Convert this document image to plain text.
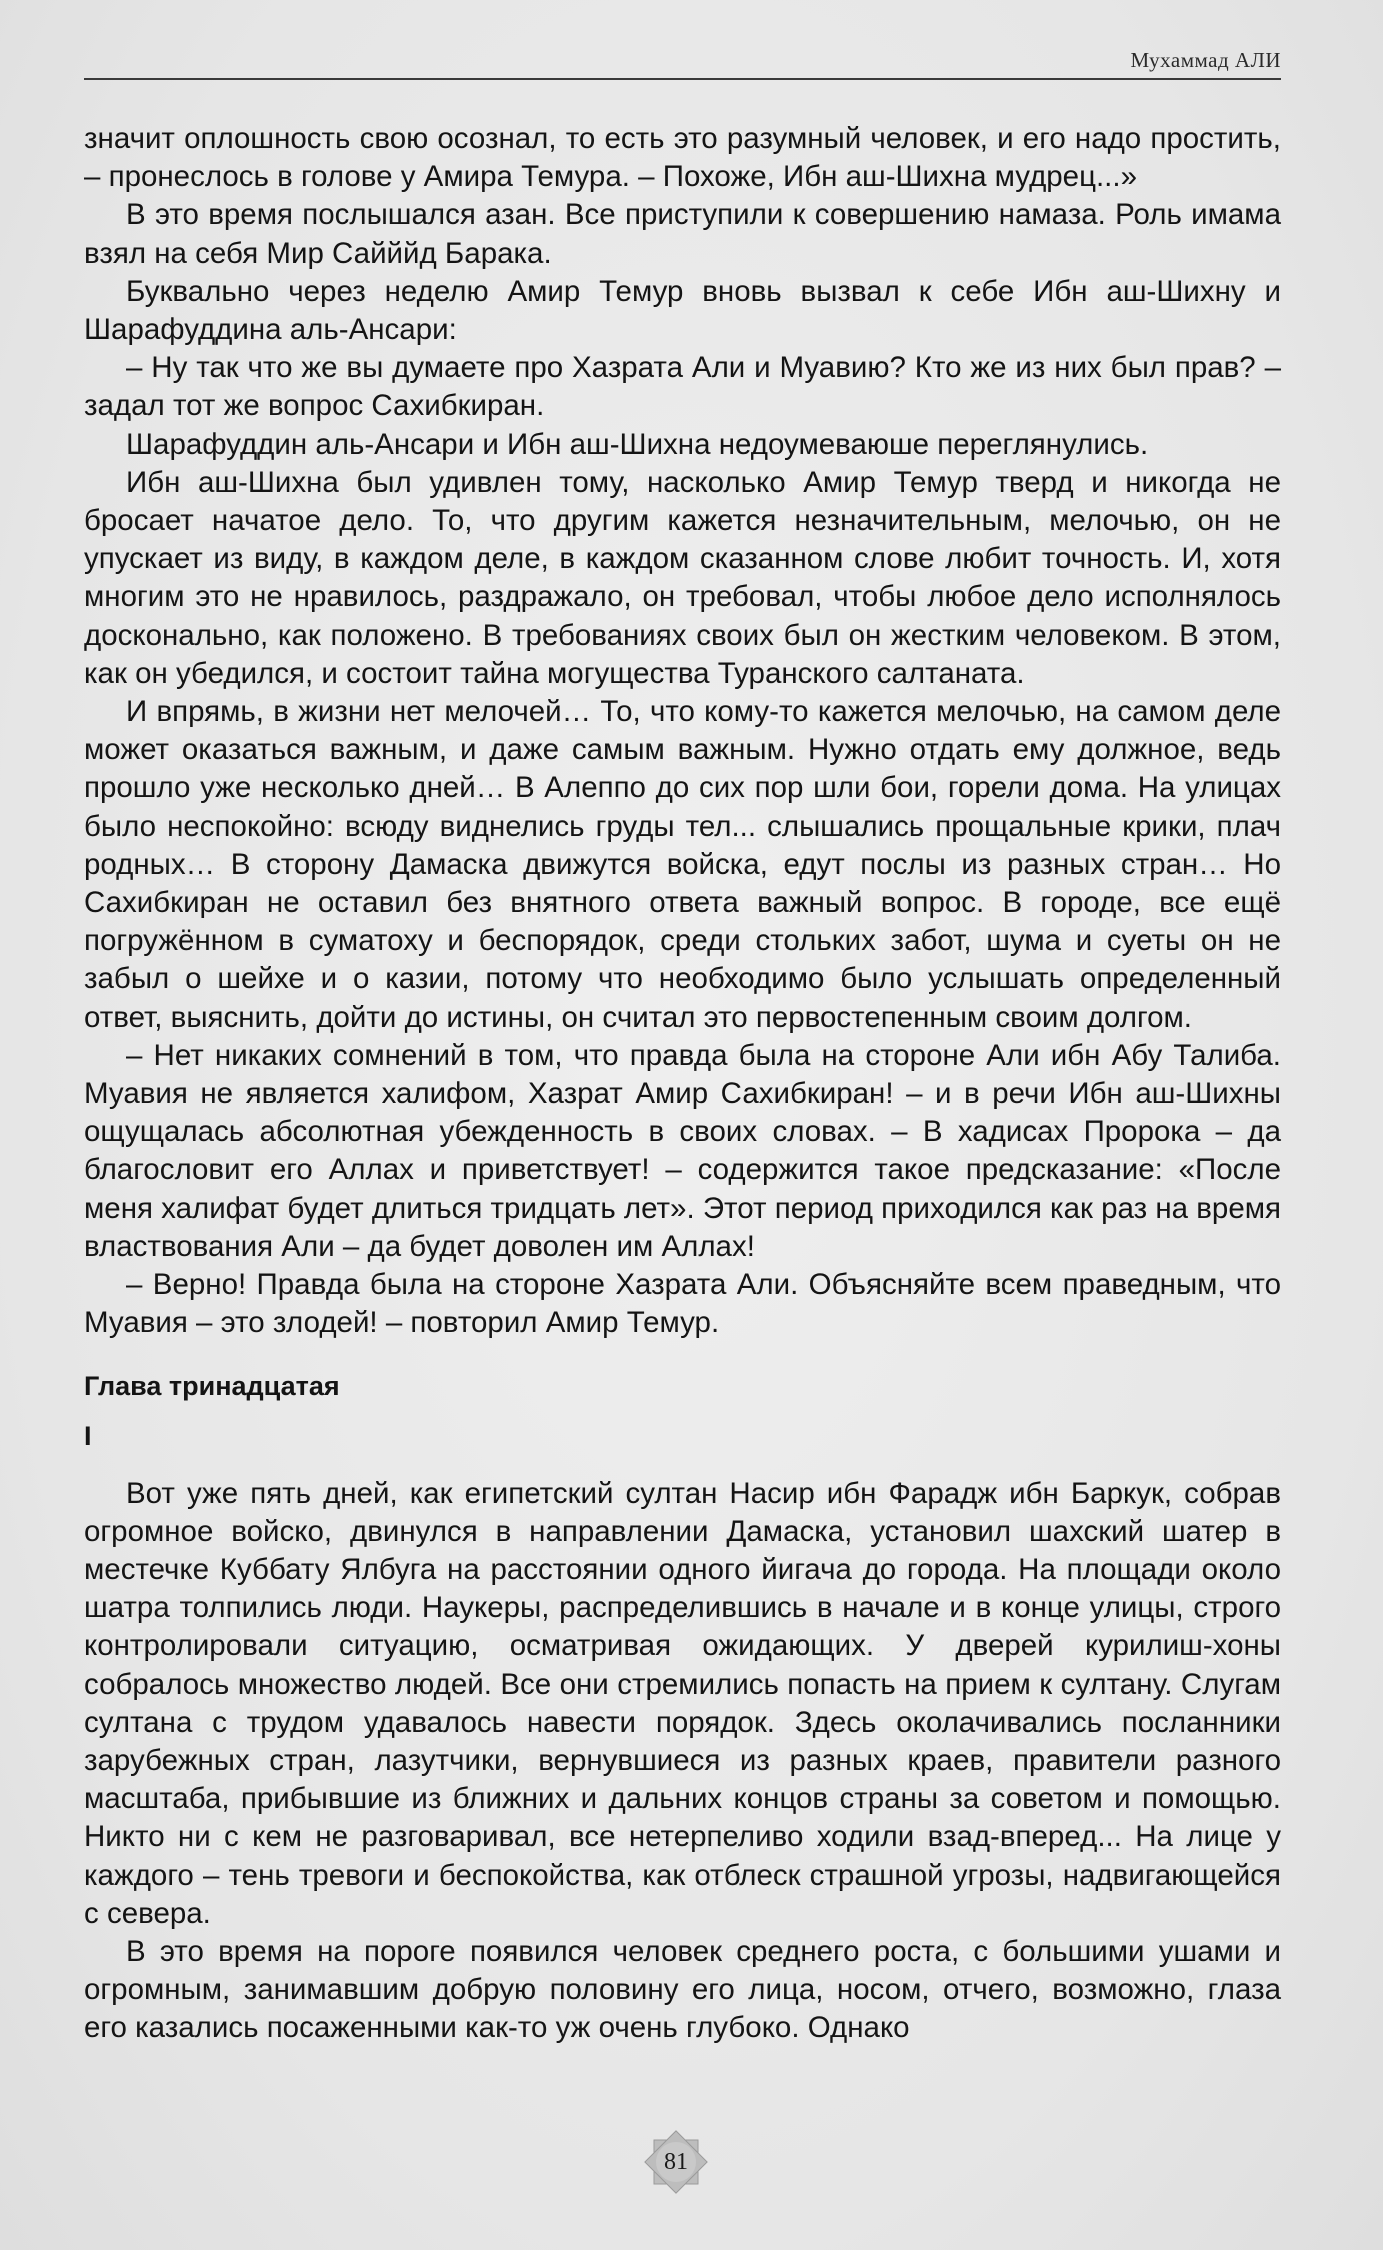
Мухаммад АЛИ

значит оплошность свою осознал, то есть это разумный человек, и его надо простить, – пронеслось в голове у Амира Темура. – Похоже, Ибн аш-Шихна мудрец...»

В это время послышался азан. Все приступили к совершению намаза. Роль имама взял на себя Мир Сайййд Барака.

Буквально через неделю Амир Темур вновь вызвал к себе Ибн аш-Шихну и Шарафуддина аль-Ансари:

– Ну так что же вы думаете про Хазрата Али и Муавию? Кто же из них был прав? – задал тот же вопрос Сахибкиран.

Шарафуддин аль-Ансари и Ибн аш-Шихна недоумеваюше переглянулись.

Ибн аш-Шихна был удивлен тому, насколько Амир Темур тверд и никогда не бросает начатое дело. То, что другим кажется незначительным, мелочью, он не упускает из виду, в каждом деле, в каждом сказанном слове любит точность. И, хотя многим это не нравилось, раздражало, он требовал, чтобы любое дело исполнялось досконально, как положено. В требованиях своих был он жестким человеком. В этом, как он убедился, и состоит тайна могущества Туранского салтаната.

И впрямь, в жизни нет мелочей… То, что кому-то кажется мелочью, на самом деле может оказаться важным, и даже самым важным. Нужно отдать ему должное, ведь прошло уже несколько дней… В Алеппо до сих пор шли бои, горели дома. На улицах было неспокойно: всюду виднелись груды тел... слышались прощальные крики, плач родных… В сторону Дамаска движутся войска, едут послы из разных стран… Но Сахибкиран не оставил без внятного ответа важный вопрос. В городе, все ещё погружённом в суматоху и беспорядок, среди стольких забот, шума и суеты он не забыл о шейхе и о казии, потому что необходимо было услышать определенный ответ, выяснить, дойти до истины, он считал это первостепенным своим долгом.

– Нет никаких сомнений в том, что правда была на стороне Али ибн Абу Талиба. Муавия не является халифом, Хазрат Амир Сахибкиран! – и в речи Ибн аш-Шихны ощущалась абсолютная убежденность в своих словах. – В хадисах Пророка – да благословит его Аллах и приветствует! – содержится такое предсказание: «После меня халифат будет длиться тридцать лет». Этот период приходился как раз на время властвования Али – да будет доволен им Аллах!

– Верно! Правда была на стороне Хазрата Али. Объясняйте всем праведным, что Муавия – это злодей! – повторил Амир Темур.

Глава тринадцатая
I

Вот уже пять дней, как египетский султан Насир ибн Фарадж ибн Баркук, собрав огромное войско, двинулся в направлении Дамаска, установил шахский шатер в местечке Куббату Ялбуга на расстоянии одного йигача до города. На площади около шатра толпились люди. Наукеры, распределившись в начале и в конце улицы, строго контролировали ситуацию, осматривая ожидающих. У дверей курилиш-хоны собралось множество людей. Все они стремились попасть на прием к султану. Слугам султана с трудом удавалось навести порядок. Здесь околачивались посланники зарубежных стран, лазутчики, вернувшиеся из разных краев, правители разного масштаба, прибывшие из ближних и дальних концов страны за советом и помощью. Никто ни с кем не разговаривал, все нетерпеливо ходили взад-вперед... На лице у каждого – тень тревоги и беспокойства, как отблеск страшной угрозы, надвигающейся с севера.

В это время на пороге появился человек среднего роста, с большими ушами и огромным, занимавшим добрую половину его лица, носом, отчего, возможно, глаза его казались посаженными как-то уж очень глубоко. Однако

81
